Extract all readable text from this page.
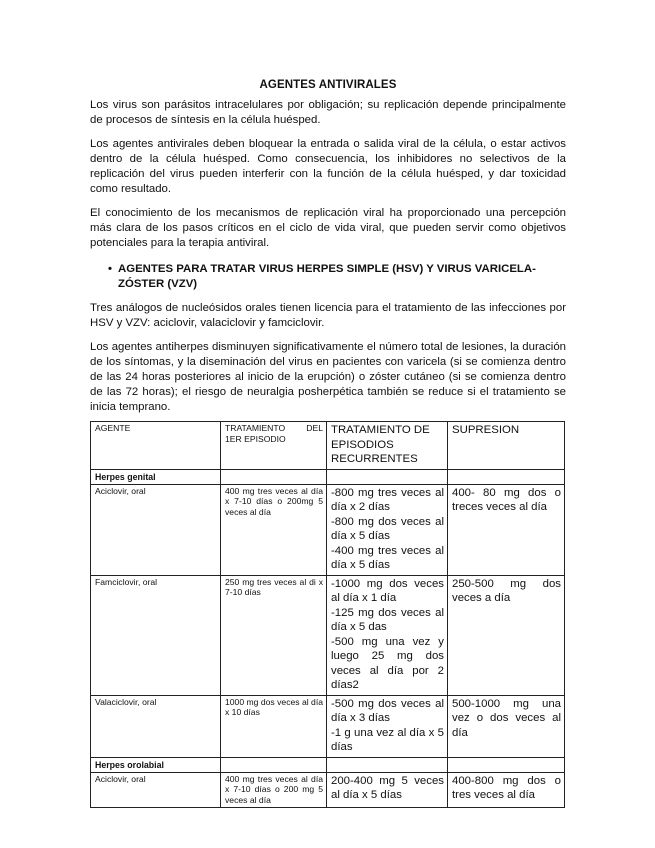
AGENTES ANTIVIRALES

Los virus son parásitos intracelulares por obligación; su replicación depende principalmente de procesos de síntesis en la célula huésped.

Los agentes antivirales deben bloquear la entrada o salida viral de la célula, o estar activos dentro de la célula huésped. Como consecuencia, los inhibidores no selectivos de la replicación del virus pueden interferir con la función de la célula huésped, y dar toxicidad como resultado.

El conocimiento de los mecanismos de replicación viral ha proporcionado una percepción más clara de los pasos críticos en el ciclo de vida viral, que pueden servir como objetivos potenciales para la terapia antiviral.

• AGENTES PARA TRATAR VIRUS HERPES SIMPLE (HSV) Y VIRUS VARICELA-ZÓSTER (VZV)

Tres análogos de nucleósidos orales tienen licencia para el tratamiento de las infecciones por HSV y VZV: aciclovir, valaciclovir y famciclovir.

Los agentes antiherpes disminuyen significativamente el número total de lesiones, la duración de los síntomas, y la diseminación del virus en pacientes con varicela (si se comienza dentro de las 24 horas posteriores al inicio de la erupción) o zóster cutáneo (si se comienza dentro de las 72 horas); el riesgo de neuralgia posherpética también se reduce si el tratamiento se inicia temprano.

AGENTE	TRATAMIENTO DEL 1ER EPISODIO	TRATAMIENTO DE EPISODIOS RECURRENTES	SUPRESION
Herpes genital			
Aciclovir, oral	400 mg tres veces al día x 7-10 días o 200mg 5 veces al día	-800 mg tres veces al día x 2 días
-800 mg dos veces al día x 5 días
-400 mg tres veces al día x 5 días	400- 80 mg dos o treces veces al día
Famciclovir, oral	250 mg tres veces al di x 7-10 días	-1000 mg dos veces al día x 1 día
-125 mg dos veces al día x 5 das
-500 mg una vez y luego 25 mg dos veces al día por 2 días2	250-500 mg dos veces a día
Valaciclovir, oral	1000 mg dos veces al día x 10 días	-500 mg dos veces al día x 3 días
-1 g una vez al día x 5 días	500-1000 mg una vez o dos veces al día
Herpes orolabial			
Aciclovir, oral	400 mg tres veces al día x 7-10 días o 200 mg 5 veces al día	200-400 mg 5 veces al día x 5 días	400-800 mg dos o tres veces al día
